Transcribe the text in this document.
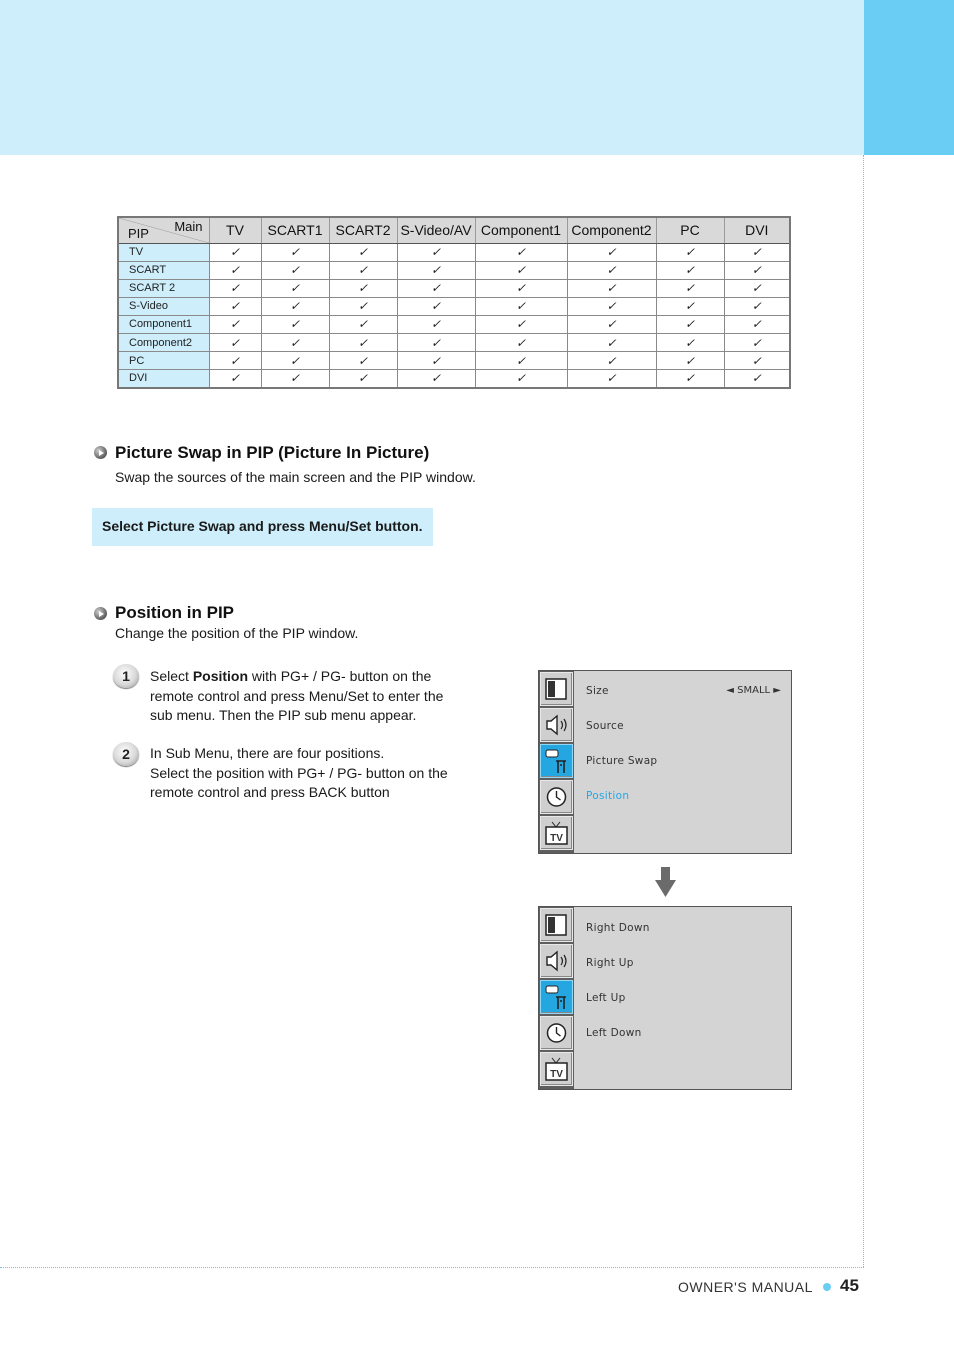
Main
PIP	TV	SCART1	SCART2	S-Video/AV	Component1	Component2	PC	DVI
TV	✓	✓	✓	✓	✓	✓	✓	✓
SCART	✓	✓	✓	✓	✓	✓	✓	✓
SCART 2	✓	✓	✓	✓	✓	✓	✓	✓
S-Video	✓	✓	✓	✓	✓	✓	✓	✓
Component1	✓	✓	✓	✓	✓	✓	✓	✓
Component2	✓	✓	✓	✓	✓	✓	✓	✓
PC	✓	✓	✓	✓	✓	✓	✓	✓
DVI	✓	✓	✓	✓	✓	✓	✓	✓
Picture Swap in PIP (Picture In Picture)
Swap the sources of the main screen and the PIP window.
Select Picture Swap and press Menu/Set button.
Position in PIP
Change the position of the PIP window.
1	Select Position with PG+ / PG- button on the
remote control and press Menu/Set to enter the
sub menu. Then the PIP sub menu appear.
2	In Sub Menu, there are four positions.
Select the position with PG+ / PG- button on the
remote control and press BACK button
TV
Size	◄ SMALL ►
Source
Picture Swap
Position
TV
Right Down
Right Up
Left Up
Left Down
OWNER'S MANUAL 45
